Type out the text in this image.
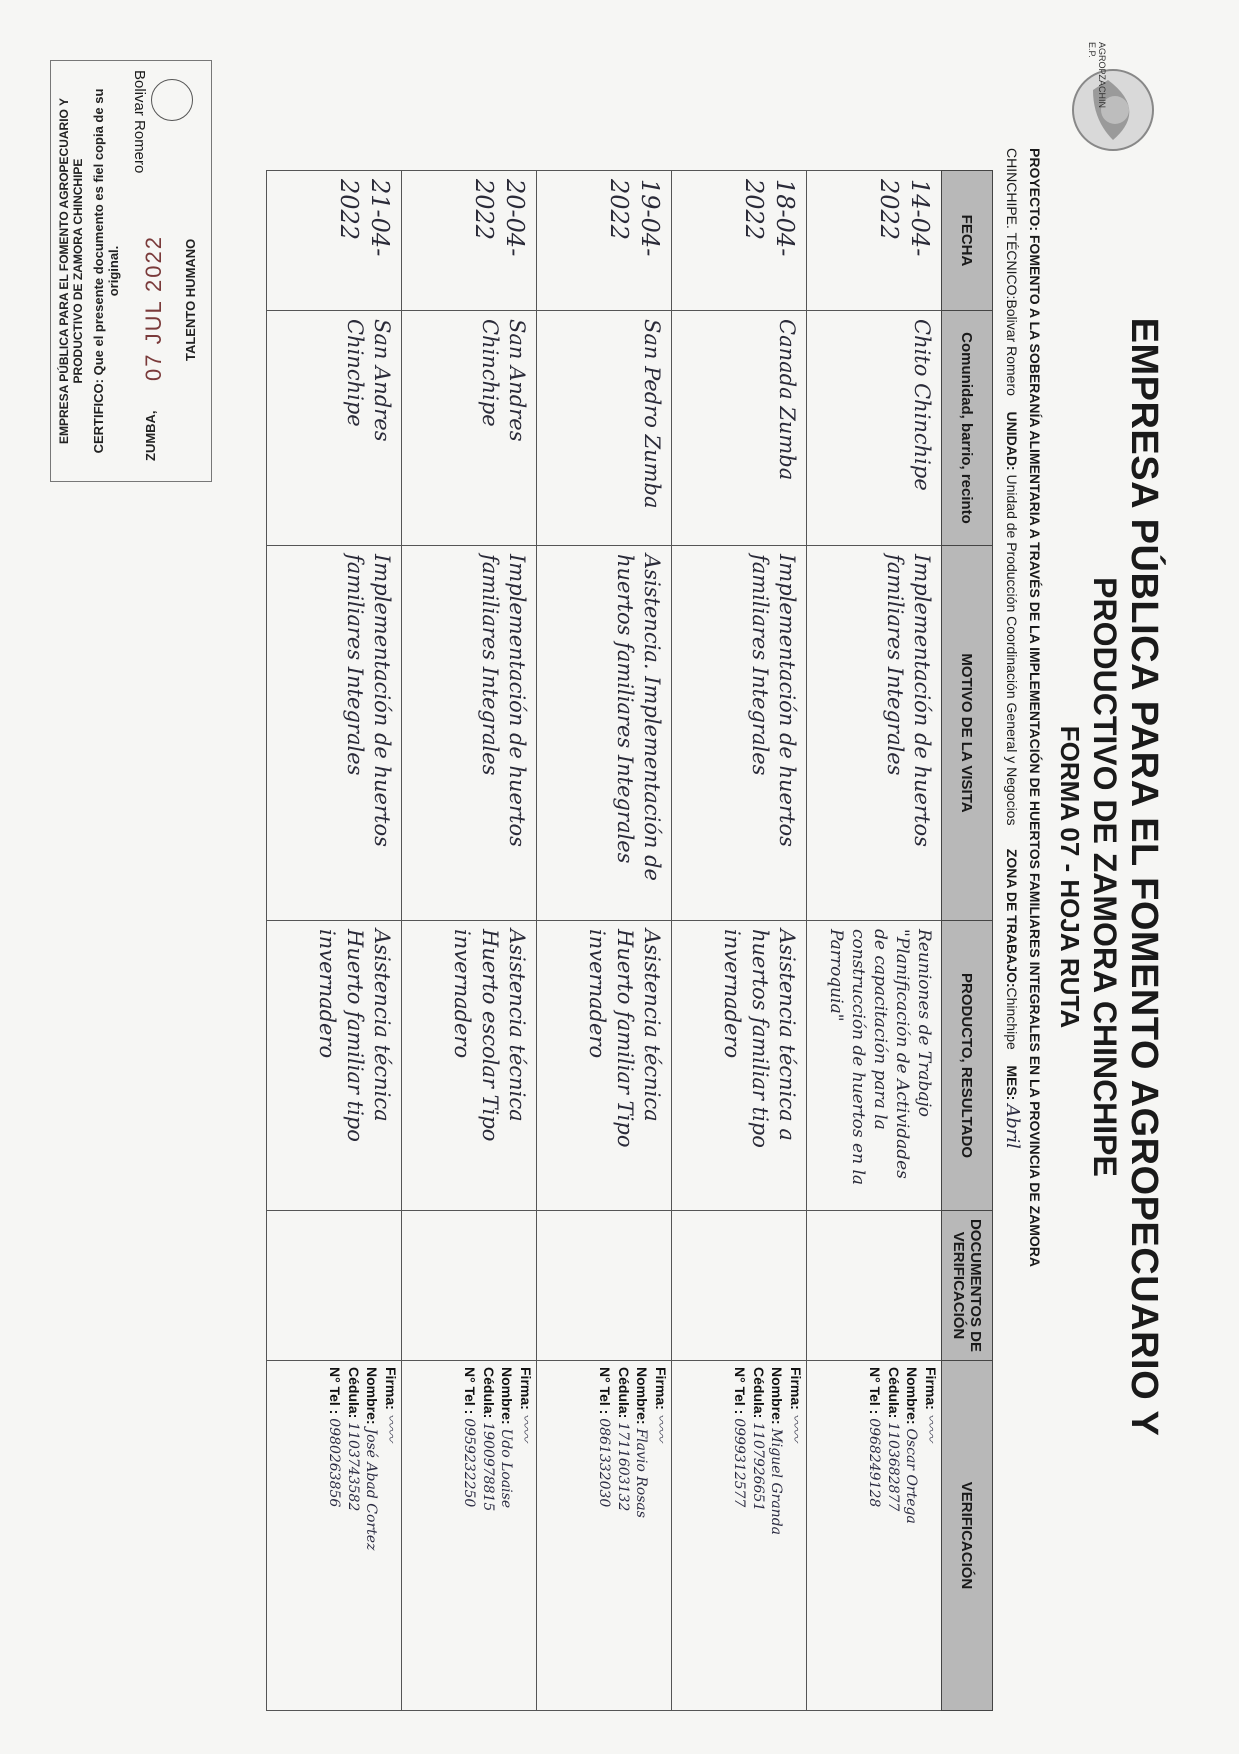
AGROPZACHIN E.P.
EMPRESA PÚBLICA PARA EL FOMENTO AGROPECUARIO Y
PRODUCTIVO DE ZAMORA CHINCHIPE
FORMA 07 - HOJA RUTA
PROYECTO: FOMENTO A LA SOBERANÍA ALIMENTARIA A TRAVÉS DE LA IMPLEMENTACIÓN DE HUERTOS FAMILIARES INTEGRALES EN LA PROVINCIA DE ZAMORA
CHINCHIPE. TÉCNICO:Bolivar Romero    UNIDAD: Unidad de Producción Coordinación General y Negocios      ZONA DE TRABAJO:Chinchipe    MES: Abril
FECHA	Comunidad, barrio, recinto	MOTIVO DE LA VISITA	PRODUCTO, RESULTADO	DOCUMENTOS DE VERIFICACIÓN	VERIFICACIÓN
14-04-2022	Chito Chinchipe	Implementación de huertos familiares Integrales	Reuniones de Trabajo "Planificación de Actividades de capacitación para la construcción de huertos en la Parroquia"		Firma: 〰〰
Nombre: Oscar Ortega
Cédula: 1103682877
N° Tel : 0968249128

18-04-2022	Canada Zumba	Implementación de huertos familiares Integrales	Asistencia técnica a huertos familiar tipo invernadero		Firma: 〰〰
Nombre: Miguel Granda
Cédula: 1107926651
N° Tel : 0999312577

19-04-2022	San Pedro Zumba	Asistencia. Implementación de huertos familiares Integrales	Asistencia técnica Huerto familiar Tipo invernadero		Firma: 〰〰
Nombre: Flavio Rosas
Cédula: 1711603132
N° Tel : 0861332030

20-04-2022	San Andres Chinchipe	Implementación de huertos familiares Integrales	Asistencia técnica Huerto escolar Tipo invernadero		Firma: 〰〰
Nombre: Udo Loaise
Cédula: 1900978815
N° Tel : 0959232250

21-04-2022	San Andres Chinchipe	Implementación de huertos familiares Integrales	Asistencia técnica Huerto familiar tipo invernadero		Firma: 〰〰
Nombre: José Abad Cortez
Cédula: 1103743582
N° Tel : 0980263856
EMPRESA PÚBLICA PARA EL FOMENTO AGROPECUARIO Y PRODUCTIVO DE ZAMORA CHINCHIPE CERTIFICO: Que el presente documento es fiel copia de su original.
ZUMBA,
07 JUL 2022 TALENTO HUMANO
Bolivar Romero
